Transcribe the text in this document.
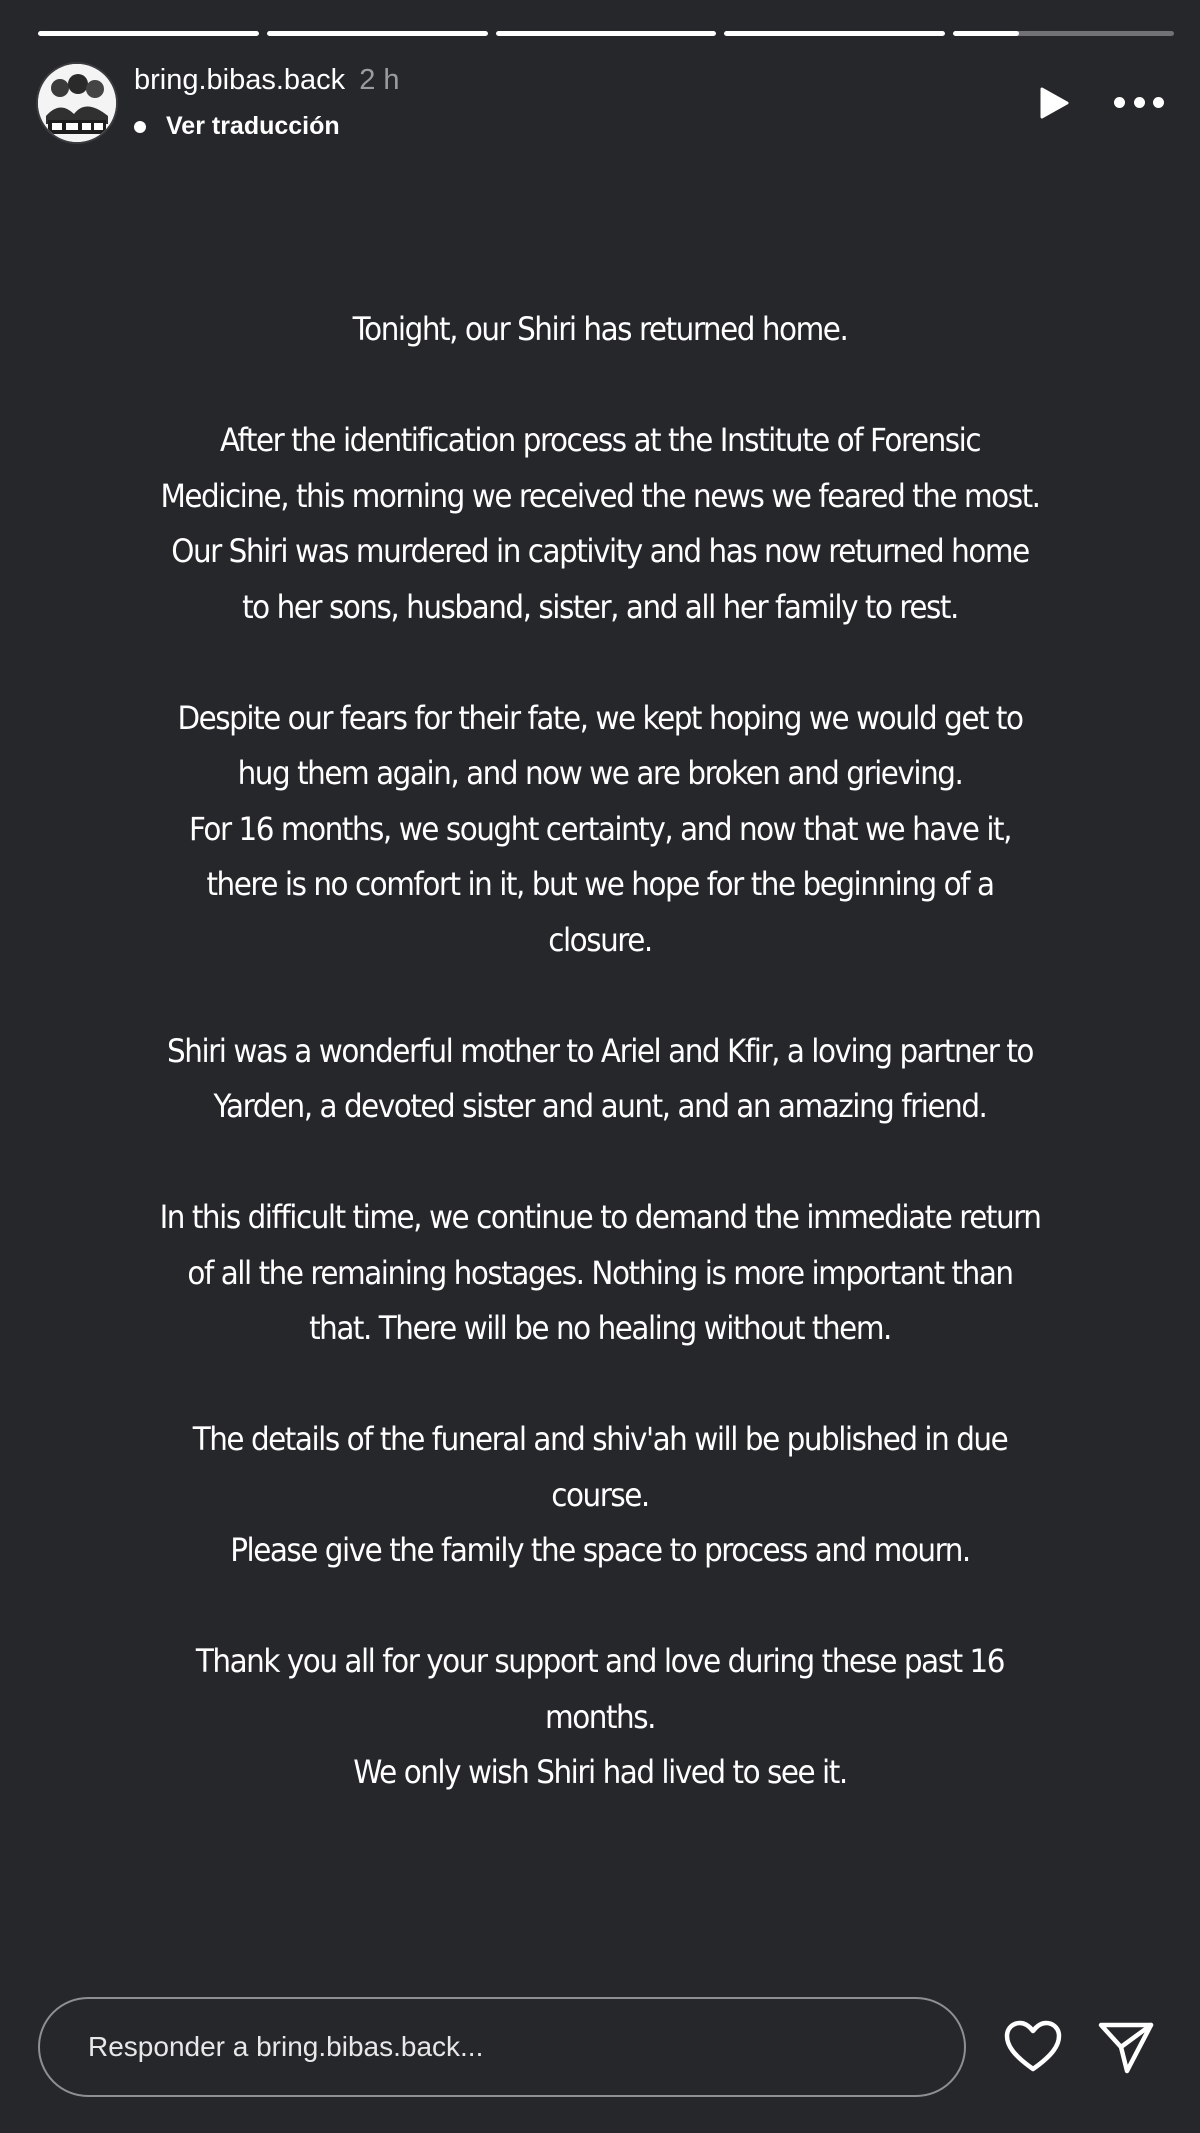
bring.bibas.back 2 h
Ver traducción

Tonight, our Shiri has returned home.

After the identification process at the Institute of Forensic
Medicine, this morning we received the news we feared the most.
Our Shiri was murdered in captivity and has now returned home
to her sons, husband, sister, and all her family to rest.

Despite our fears for their fate, we kept hoping we would get to
hug them again, and now we are broken and grieving.
For 16 months, we sought certainty, and now that we have it,
there is no comfort in it, but we hope for the beginning of a
closure.

Shiri was a wonderful mother to Ariel and Kfir, a loving partner to
Yarden, a devoted sister and aunt, and an amazing friend.

In this difficult time, we continue to demand the immediate return
of all the remaining hostages. Nothing is more important than
that. There will be no healing without them.

The details of the funeral and shiv'ah will be published in due
course.
Please give the family the space to process and mourn.

Thank you all for your support and love during these past 16
months.
We only wish Shiri had lived to see it.

Responder a bring.bibas.back...
